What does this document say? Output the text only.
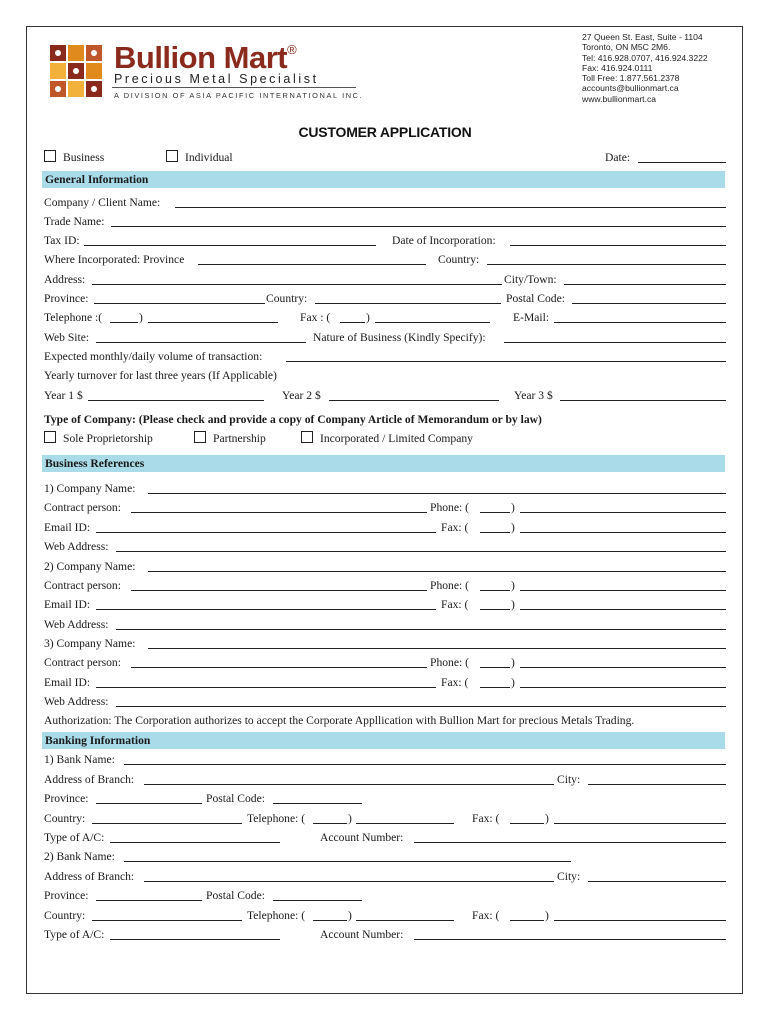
Bullion Mart®
Precious Metal Specialist
A DIVISION OF ASIA PACIFIC INTERNATIONAL INC.
27 Queen St. East, Suite - 1104
Toronto, ON M5C 2M6.
Tel: 416.928.0707, 416.924.3222
Fax: 416.924.0111
Toll Free: 1.877.561.2378
accounts@bullionmart.ca
www.bullionmart.ca
CUSTOMER APPLICATION
Business	Individual	Date:
General Information
Company / Client Name:
Trade Name:
Tax ID:	Date of Incorporation:
Where Incorporated: Province	Country:
Address:	City/Town:
Province:	Country:	Postal Code:
Telephone :(	)	Fax : (	)	E-Mail:
Web Site:	Nature of Business (Kindly Specify):
Expected monthly/daily volume of transaction:
Yearly turnover for last three years (If Applicable)
Year 1 $	Year 2 $	Year 3 $
Type of Company: (Please check and provide a copy of Company Article of Memorandum or by law)
Sole Proprietorship	Partnership	Incorporated / Limited Company
Business References
1) Company Name:
Contract person:	Phone: (	)
Email ID:	Fax: (	)
Web Address:
2) Company Name:
Contract person:	Phone: (	)
Email ID:	Fax: (	)
Web Address:
3) Company Name:
Contract person:	Phone: (	)
Email ID:	Fax: (	)
Web Address:
Authorization: The Corporation authorizes to accept the Corporate Appllication with Bullion Mart for precious Metals Trading.
Banking Information
1) Bank Name:
Address of Branch:	City:
Province:	Postal Code:
Country:	Telephone: (	)	Fax: (	)
Type of A/C:	Account Number:
2) Bank Name:
Address of Branch:	City:
Province:	Postal Code:
Country:	Telephone: (	)	Fax: (	)
Type of A/C:	Account Number:
